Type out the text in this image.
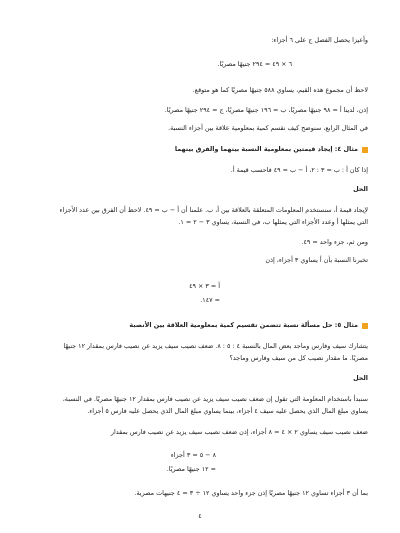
وأعيزا يحصل الفصل ج على ٦ أجزاء:
٦ × ٤٩ = ٢٩٤ جنيهًا مصريًا.
لاحظ أن مجموع هذه القيم، يساوي ٥٨٨ جنيهًا مصريًا كما هو متوقع.
إذن، لدينا أ = ٩٨ جنيهًا مصريًا، ب = ١٩٦ جنيهًا مصريًا، ج = ٢٩٤ جنيهًا مصريًا.
في المثال الرابع، سنوضح كيف نقسم كمية بمعلومية علاقة بين أجزاء النسبة.
مثال ٤: إيجاد قيمتين بمعلومية النسبة بينهما والفرق بينهما
إذا كان أ : ب = ٣ : ٢، أ − ب = ٤٩ فاحسب قيمة أ.
الحل
لإيجاد قيمة أ، سنستخدم المعلومات المتعلقة بالعلاقة بين أ، ب. علمنا أن أ − ب = ٤٩. لاحظ أن الفرق بين عدد الأجزاء
التي يمثلها أ وعدد الأجزاء التي يمثلها ب، في النسبة، يساوي ٣ − ٢ = ١.
ومن ثم، جزء واحد = ٤٩.
تخبرنا النسبة بأن أ يساوي ٣ أجزاء، إذن
أ = ٣ × ٤٩
= ١٤٧.
مثال ٥: حل مسألة نسبة تتضمن تقسيم كمية بمعلومية العلاقة بين الأنصبة
يتشارك سيف وفارس وماجد بعض المال بالنسبة ٤ : ٥ : ٨. ضعف نصيب سيف يزيد عن نصيب فارس بمقدار ١٢ جنيهًا
مصريًا. ما مقدار نصيب كل من سيف وفارس وماجد؟
الحل
سنبدأ باستخدام المعلومة التي تقول إن ضعف نصيب سيف يزيد عن نصيب فارس بمقدار ١٢ جنيهًا مصريًا. في النسبة،
يساوي مبلغ المال الذي يحصل عليه سيف ٤ أجزاء، بينما يساوي مبلغ المال الذي يحصل عليه فارس ٥ أجزاء.
ضعف نصيب سيف يساوي ٢ × ٤ = ٨ أجزاء، إذن ضعف نصيب سيف يزيد عن نصيب فارس بمقدار
٨ − ٥ = ٣ أجزاء
= ١٢ جنيهًا مصريًا.
بما أن ٣ أجزاء تساوي ١٢ جنيهًا مصريًا إذن جزء واحد يساوي ١٢ ÷ ٣ = ٤ جنيهات مصرية.
٤
